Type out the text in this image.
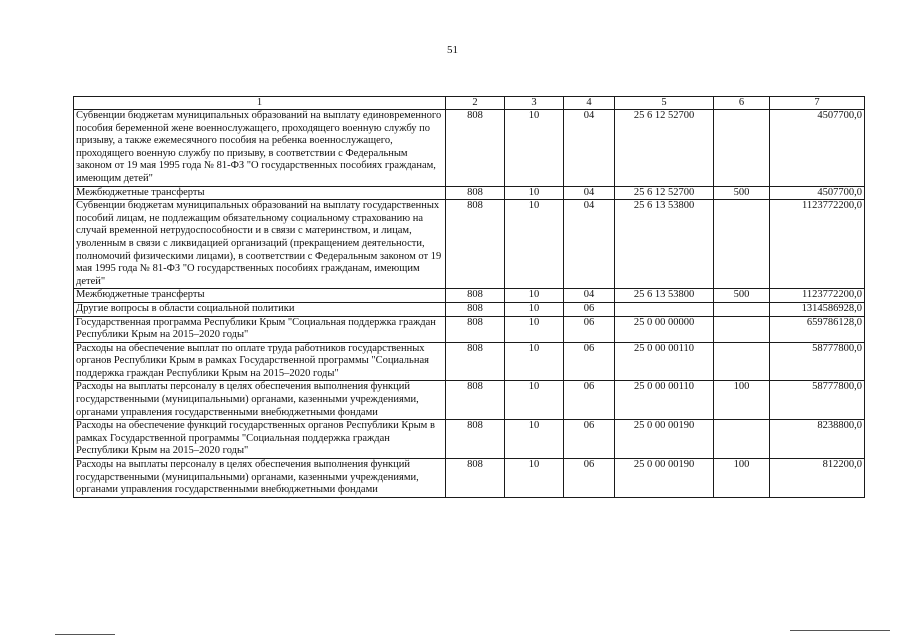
51
1	2	3	4	5	6	7
Субвенции бюджетам муниципальных образований на выплату единовременного пособия беременной жене военнослужащего, проходящего военную службу по призыву, а также ежемесячного пособия на ребенка военнослужащего, проходящего военную службу по призыву, в соответствии с Федеральным законом от 19 мая 1995 года № 81-ФЗ "О государственных пособиях гражданам, имеющим детей"	808	10	04	25 6 12 52700		4507700,0
Межбюджетные трансферты	808	10	04	25 6 12 52700	500	4507700,0
Субвенции бюджетам муниципальных образований на выплату государственных пособий лицам, не подлежащим обязательному социальному страхованию на случай временной нетрудоспособности и в связи с материнством, и лицам, уволенным в связи с ликвидацией организаций (прекращением деятельности, полномочий физическими лицами), в соответствии с Федеральным законом от 19 мая 1995 года № 81-ФЗ "О государственных пособиях гражданам, имеющим детей"	808	10	04	25 6 13 53800		1123772200,0
Межбюджетные трансферты	808	10	04	25 6 13 53800	500	1123772200,0
Другие вопросы в области социальной политики	808	10	06			1314586928,0
Государственная программа Республики Крым "Социальная поддержка граждан Республики Крым на 2015–2020 годы"	808	10	06	25 0 00 00000		659786128,0
Расходы на обеспечение выплат по оплате труда работников государственных органов Республики Крым в рамках Государственной программы "Социальная поддержка граждан Республики Крым на 2015–2020 годы"	808	10	06	25 0 00 00110		58777800,0
Расходы на выплаты персоналу в целях обеспечения выполнения функций государственными (муниципальными) органами, казенными учреждениями, органами управления государственными внебюджетными фондами	808	10	06	25 0 00 00110	100	58777800,0
Расходы на обеспечение функций государственных органов Республики Крым в рамках Государственной программы "Социальная поддержка граждан Республики Крым на 2015–2020 годы"	808	10	06	25 0 00 00190		8238800,0
Расходы на выплаты персоналу в целях обеспечения выполнения функций государственными (муниципальными) органами, казенными учреждениями, органами управления государственными внебюджетными фондами	808	10	06	25 0 00 00190	100	812200,0
